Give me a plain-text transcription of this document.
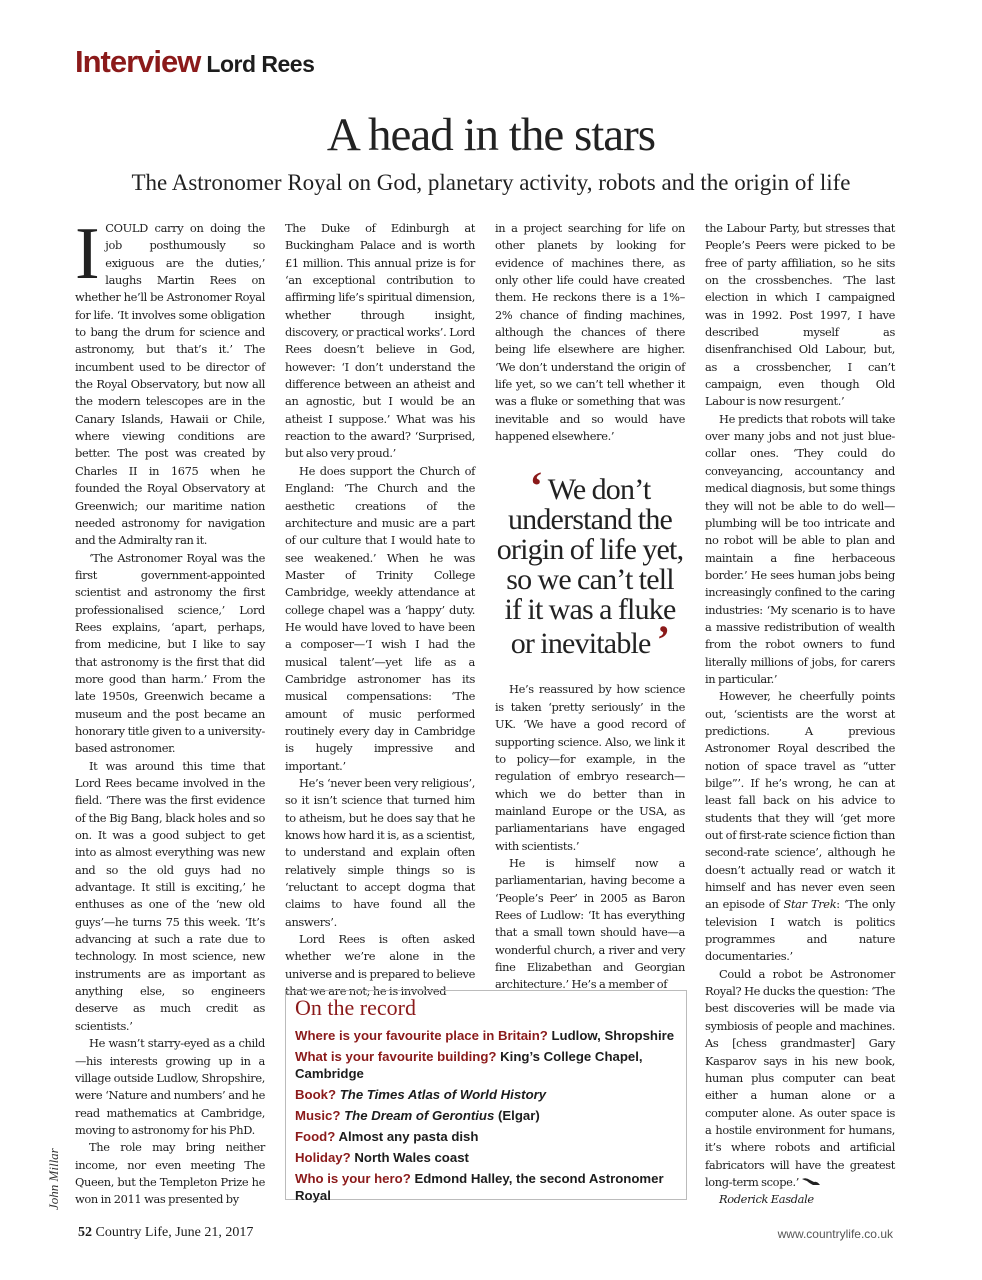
Interview Lord Rees
A head in the stars
The Astronomer Royal on God, planetary activity, robots and the origin of life

ICOULD carry on doing the job posthumously so exiguous are the duties,’ laughs Martin Rees on whether he’ll be Astronomer Royal for life. ‘It involves some obligation to bang the drum for science and astronomy, but that’s it.’ The incumbent used to be director of the Royal Observatory, but now all the modern telescopes are in the Canary Islands, Hawaii or Chile, where viewing conditions are better. The post was created by Charles II in 1675 when he founded the Royal Observatory at Greenwich; our maritime nation needed astronomy for navigation and the Admiralty ran it.

‘The Astronomer Royal was the first government-appointed scientist and astronomy the first professionalised science,’ Lord Rees explains, ‘apart, perhaps, from medicine, but I like to say that astronomy is the first that did more good than harm.’ From the late 1950s, Greenwich became a museum and the post became an honorary title given to a university-based astronomer.

It was around this time that Lord Rees became involved in the field. ‘There was the first evidence of the Big Bang, black holes and so on. It was a good subject to get into as almost everything was new and so the old guys had no advantage. It still is exciting,’ he enthuses as one of the ‘new old guys’—he turns 75 this week. ‘It’s advancing at such a rate due to technology. In most science, new instruments are as important as anything else, so engineers deserve as much credit as scientists.’

He wasn’t starry-eyed as a child—his interests growing up in a village outside Ludlow, Shropshire, were ‘Nature and numbers’ and he read mathematics at Cambridge, moving to astronomy for his PhD.

The role may bring neither income, nor even meeting The Queen, but the Templeton Prize he won in 2011 was presented by

The Duke of Edinburgh at Buckingham Palace and is worth £1 million. This annual prize is for ‘an exceptional contribution to affirming life’s spiritual dimension, whether through insight, discovery, or practical works’. Lord Rees doesn’t believe in God, however: ‘I don’t understand the difference between an atheist and an agnostic, but I would be an atheist I suppose.’ What was his reaction to the award? ‘Surprised, but also very proud.’

He does support the Church of England: ‘The Church and the aesthetic creations of the architecture and music are a part of our culture that I would hate to see weakened.’ When he was Master of Trinity College Cambridge, weekly attendance at college chapel was a ‘happy’ duty. He would have loved to have been a composer—‘I wish I had the musical talent’—yet life as a Cambridge astronomer has its musical compensations: ‘The amount of music performed routinely every day in Cambridge is hugely impressive and important.’

He’s ‘never been very religious’, so it isn’t science that turned him to atheism, but he does say that he knows how hard it is, as a scientist, to understand and explain often relatively simple things so is ‘reluctant to accept dogma that claims to have found all the answers’.

Lord Rees is often asked whether we’re alone in the universe and is prepared to believe that we are not; he is involved

in a project searching for life on other planets by looking for evidence of machines there, as only other life could have created them. He reckons there is a 1%–2% chance of finding machines, although the chances of there being life elsewhere are higher. ‘We don’t understand the origin of life yet, so we can’t tell whether it was a fluke or something that was inevitable and so would have happened elsewhere.’

‘ We don’t understand the origin of life yet, so we can’t tell if it was a fluke or inevitable ’

He’s reassured by how science is taken ‘pretty seriously’ in the UK. ‘We have a good record of supporting science. Also, we link it to policy—for example, in the regulation of embryo research—which we do better than in mainland Europe or the USA, as parliamentarians have engaged with scientists.’

He is himself now a parliamentarian, having become a ‘People’s Peer’ in 2005 as Baron Rees of Ludlow: ‘It has everything that a small town should have—a wonderful church, a river and very fine Elizabethan and Georgian architecture.’ He’s a member of

the Labour Party, but stresses that People’s Peers were picked to be free of party affiliation, so he sits on the crossbenches. ‘The last election in which I campaigned was in 1992. Post 1997, I have described myself as disenfranchised Old Labour, but, as a crossbencher, I can’t campaign, even though Old Labour is now resurgent.’

He predicts that robots will take over many jobs and not just blue-collar ones. ‘They could do conveyancing, accountancy and medical diagnosis, but some things they will not be able to do well—plumbing will be too intricate and no robot will be able to plan and maintain a fine herbaceous border.’ He sees human jobs being increasingly confined to the caring industries: ‘My scenario is to have a massive redistribution of wealth from the robot owners to fund literally millions of jobs, for carers in particular.’

However, he cheerfully points out, ‘scientists are the worst at predictions. A previous Astronomer Royal described the notion of space travel as “utter bilge”’. If he’s wrong, he can at least fall back on his advice to students that they will ‘get more out of first-rate science fiction than second-rate science’, although he doesn’t actually read or watch it himself and has never even seen an episode of Star Trek: ‘The only television I watch is politics programmes and nature documentaries.’

Could a robot be Astronomer Royal? He ducks the question: ‘The best discoveries will be made via symbiosis of people and machines. As [chess grandmaster] Gary Kasparov says in his new book, human plus computer can beat either a human alone or a computer alone. As outer space is a hostile environment for humans, it’s where robots and artificial fabricators will have the greatest long-term scope.’

Roderick Easdale

On the record
Where is your favourite place in Britain? Ludlow, Shropshire
What is your favourite building? King’s College Chapel, Cambridge
Book? The Times Atlas of World History
Music? The Dream of Gerontius (Elgar)
Food? Almost any pasta dish
Holiday? North Wales coast
Who is your hero? Edmond Halley, the second Astronomer Royal
John Millar
52 Country Life, June 21, 2017	www.countrylife.co.uk
